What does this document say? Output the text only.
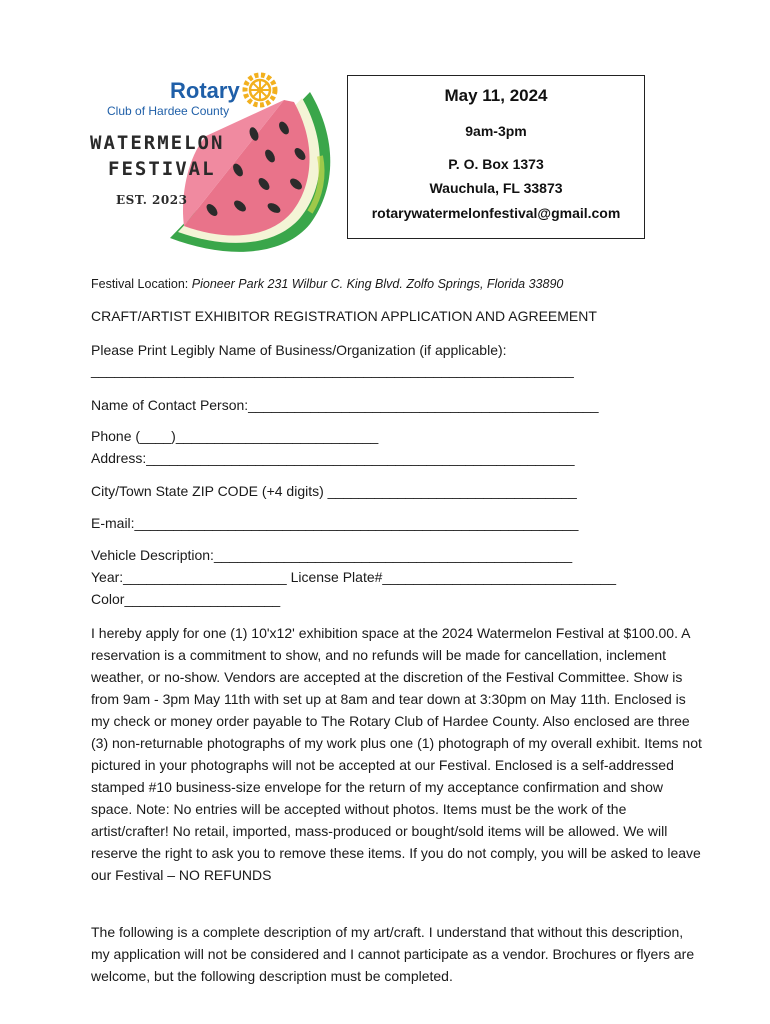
Rotary
Club of Hardee County
WATERMELON
FESTIVAL
EST. 2023
May 11, 2024
9am-3pm
P. O. Box 1373
Wauchula, FL 33873
rotarywatermelonfestival@gmail.com
Festival Location: Pioneer Park 231 Wilbur C. King Blvd. Zolfo Springs, Florida 33890
CRAFT/ARTIST EXHIBITOR REGISTRATION APPLICATION AND AGREEMENT
Please Print Legibly Name of Business/Organization (if applicable):
______________________________________________________________
Name of Contact Person:_____________________________________________
Phone (____)__________________________
Address:_______________________________________________________
City/Town State ZIP CODE (+4 digits) ________________________________
E-mail:_________________________________________________________
Vehicle Description:______________________________________________
Year:_____________________ License Plate#______________________________
Color____________________
I hereby apply for one (1) 10'x12' exhibition space at the 2024 Watermelon Festival at $100.00. A reservation is a commitment to show, and no refunds will be made for cancellation, inclement weather, or no-show. Vendors are accepted at the discretion of the Festival Committee. Show is from 9am - 3pm May 11th with set up at 8am and tear down at 3:30pm on May 11th. Enclosed is my check or money order payable to The Rotary Club of Hardee County. Also enclosed are three (3) non-returnable photographs of my work plus one (1) photograph of my overall exhibit. Items not pictured in your photographs will not be accepted at our Festival. Enclosed is a self-addressed stamped #10 business-size envelope for the return of my acceptance confirmation and show space. Note: No entries will be accepted without photos. Items must be the work of the artist/crafter! No retail, imported, mass-produced or bought/sold items will be allowed. We will reserve the right to ask you to remove these items. If you do not comply, you will be asked to leave our Festival – NO REFUNDS
The following is a complete description of my art/craft. I understand that without this description, my application will not be considered and I cannot participate as a vendor. Brochures or flyers are welcome, but the following description must be completed.
